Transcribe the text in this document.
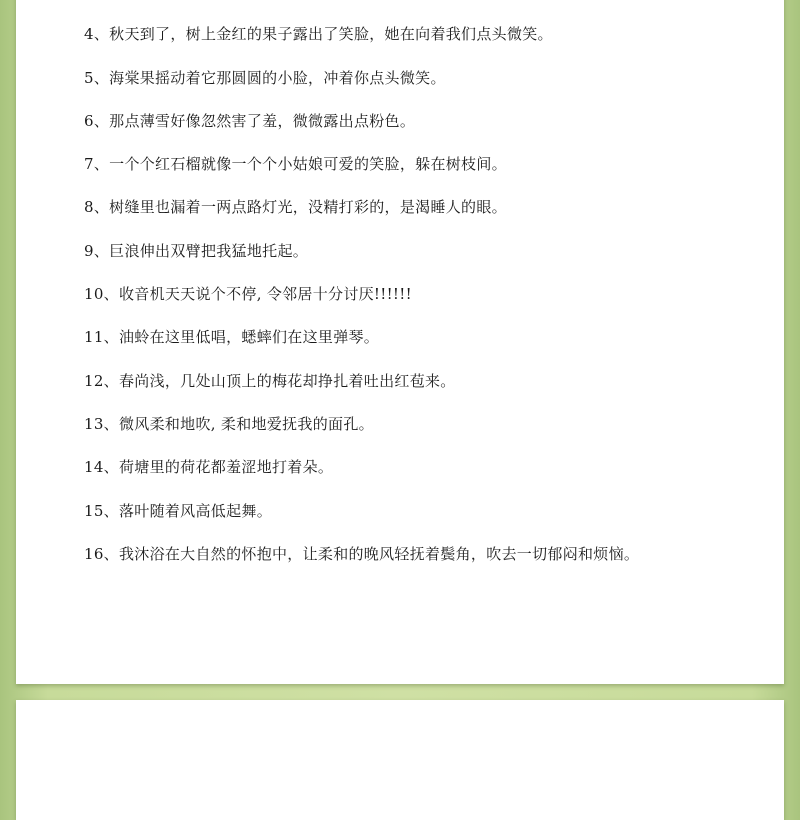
4、秋天到了，树上金红的果子露出了笑脸，她在向着我们点头微笑。
5、海棠果摇动着它那圆圆的小脸，冲着你点头微笑。
6、那点薄雪好像忽然害了羞，微微露出点粉色。
7、一个个红石榴就像一个个小姑娘可爱的笑脸，躲在树枝间。
8、树缝里也漏着一两点路灯光，没精打彩的，是渴睡人的眼。
9、巨浪伸出双臂把我猛地托起。
10、收音机天天说个不停, 令邻居十分讨厌!!!!!!
11、油蛉在这里低唱，蟋蟀们在这里弹琴。
12、春尚浅，几处山顶上的梅花却挣扎着吐出红苞来。
13、微风柔和地吹, 柔和地爱抚我的面孔。
14、荷塘里的荷花都羞涩地打着朵。
15、落叶随着风高低起舞。
16、我沐浴在大自然的怀抱中，让柔和的晚风轻抚着鬓角，吹去一切郁闷和烦恼。
